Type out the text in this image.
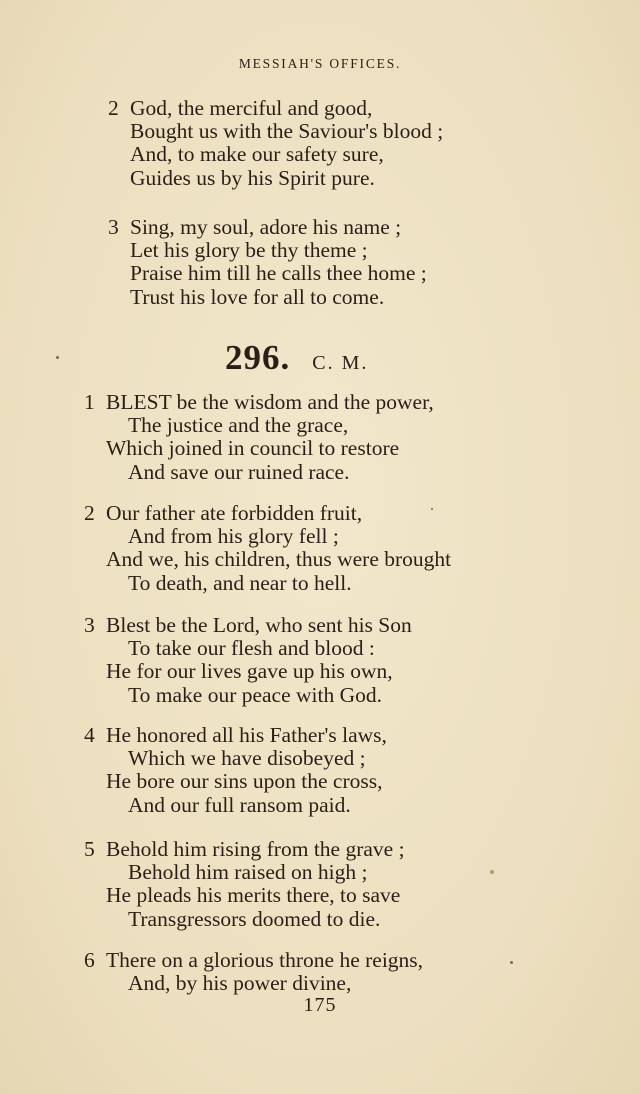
MESSIAH'S OFFICES.
2 God, the merciful and good,
Bought us with the Saviour's blood ;
And, to make our safety sure,
Guides us by his Spirit pure.
3 Sing, my soul, adore his name ;
Let his glory be thy theme ;
Praise him till he calls thee home ;
Trust his love for all to come.
296. C. M.
1 BLEST be the wisdom and the power,
The justice and the grace,
Which joined in council to restore
And save our ruined race.
2 Our father ate forbidden fruit,
And from his glory fell ;
And we, his children, thus were brought
To death, and near to hell.
3 Blest be the Lord, who sent his Son
To take our flesh and blood :
He for our lives gave up his own,
To make our peace with God.
4 He honored all his Father's laws,
Which we have disobeyed ;
He bore our sins upon the cross,
And our full ransom paid.
5 Behold him rising from the grave ;
Behold him raised on high ;
He pleads his merits there, to save
Transgressors doomed to die.
6 There on a glorious throne he reigns,
And, by his power divine,
175
